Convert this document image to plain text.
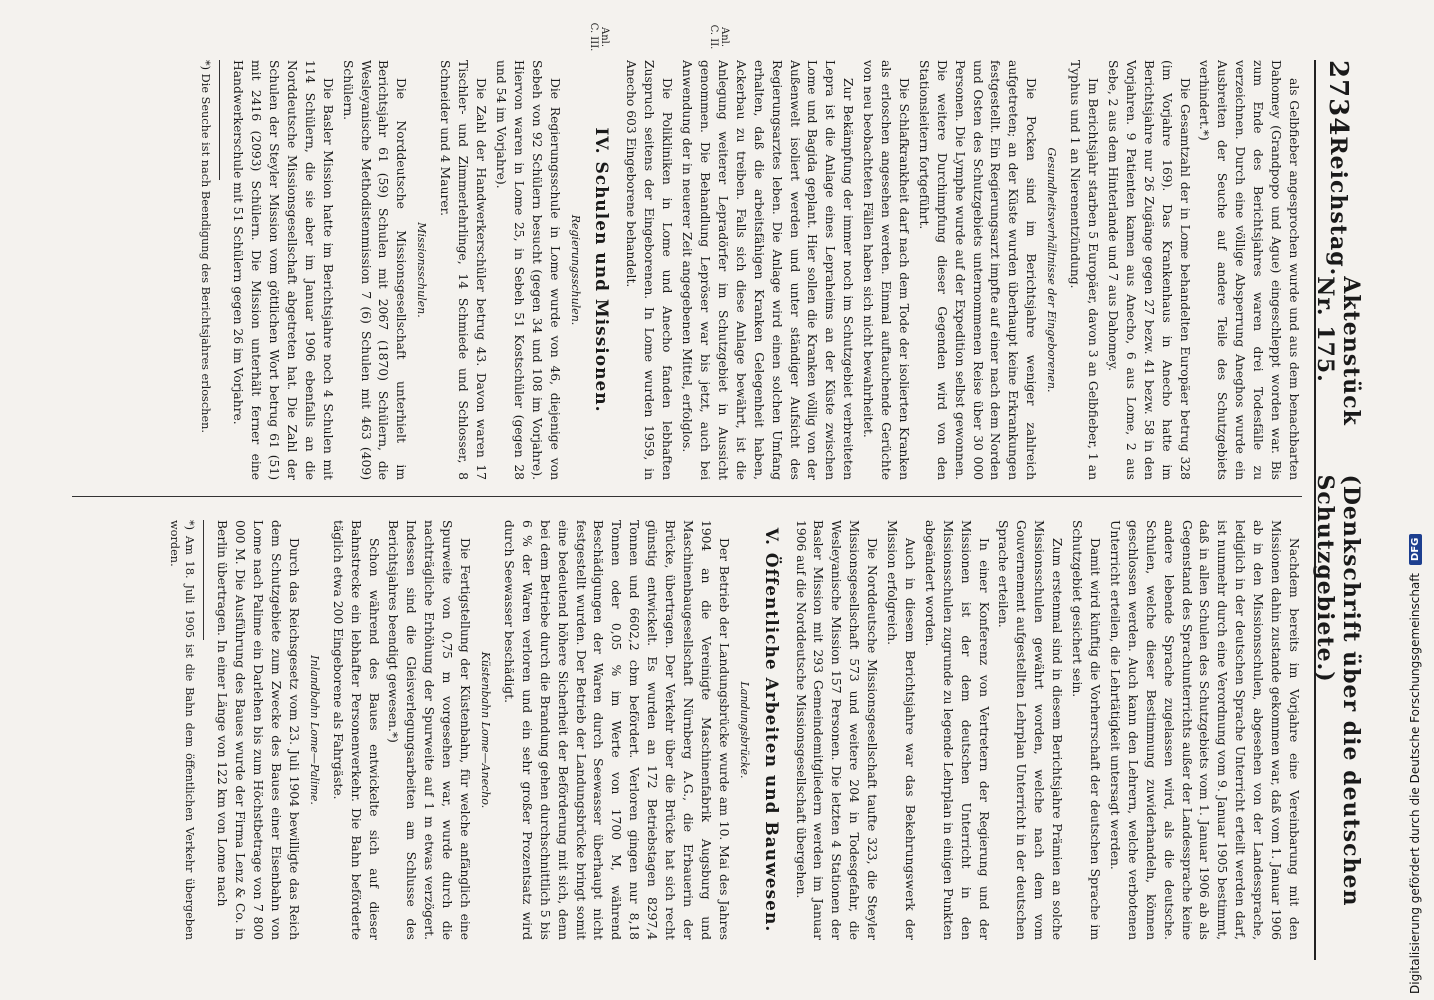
2734
Reichstag.
Aktenstück Nr. 175.
(Denkschrift über die deutschen Schutzgebiete.)
Anl. C. II.
Anl. C. III.

als Gelbfieber angesprochen wurde und aus dem benachbarten Dahomey (Grandpopo und Ague) eingeschleppt worden war. Bis zum Ende des Berichtsjahres waren drei Todesfälle zu verzeichnen. Durch eine völlige Absperrung Aneghos wurde ein Ausbreiten der Seuche auf andere Teile des Schutzgebiets verhindert.*)

Die Gesamtzahl der in Lome behandelten Europäer betrug 328 (im Vorjahre 169). Das Krankenhaus in Anecho hatte im Berichtsjahre nur 26 Zugänge gegen 27 bezw. 41 bezw. 58 in den Vorjahren. 9 Patienten kamen aus Anecho, 6 aus Lome, 2 aus Sebe, 2 aus dem Hinterlande und 7 aus Dahomey.

Im Berichtsjahr starben 5 Europäer, davon 3 an Gelbfieber, 1 an Typhus und 1 an Nierenentzündung.

Gesundheitsverhältnisse der Eingeborenen.

Die Pocken sind im Berichtsjahre weniger zahlreich aufgetreten; an der Küste wurden überhaupt keine Erkrankungen festgestellt. Ein Regierungsarzt impfte auf einer nach dem Norden und Osten des Schutzgebiets unternommenen Reise über 30 000 Personen. Die Lymphe wurde auf der Expedition selbst gewonnen. Die weitere Durchimpfung dieser Gegenden wird von den Stationsleitern fortgeführt.

Die Schlafkrankheit darf nach dem Tode der isolierten Kranken als erloschen angesehen werden. Einmal auftauchende Gerüchte von neu beobachteten Fällen haben sich nicht bewahrheitet.

Zur Bekämpfung der immer noch im Schutzgebiet verbreiteten Lepra ist die Anlage eines Lepraheims an der Küste zwischen Lome und Bagida geplant. Hier sollen die Kranken völlig von der Außenwelt isoliert werden und unter ständiger Aufsicht des Regierungsarztes leben. Die Anlage wird einen solchen Umfang erhalten, daß die arbeitsfähigen Kranken Gelegenheit haben, Ackerbau zu treiben. Falls sich diese Anlage bewährt, ist die Anlegung weiterer Lepradörfer im Schutzgebiet in Aussicht genommen. Die Behandlung Lepröser war bis jetzt, auch bei Anwendung der in neuerer Zeit angegebenen Mittel, erfolglos.

Die Polikliniken in Lome und Anecho fanden lebhaften Zuspruch seitens der Eingeborenen. In Lome wurden 1959, in Anecho 603 Eingeborene behandelt.

IV. Schulen und Missionen.

Regierungsschulen.

Die Regierungsschule in Lome wurde von 46, diejenige von Sebeh von 92 Schülern besucht (gegen 34 und 108 im Vorjahre). Hiervon waren in Lome 25, in Sebeh 51 Kostschüler (gegen 28 und 54 im Vorjahre).

Die Zahl der Handwerkerschüler betrug 43. Davon waren 17 Tischler- und Zimmerlehrlinge, 14 Schmiede und Schlosser, 8 Schneider und 4 Maurer.

Missionsschulen.

Die Norddeutsche Missionsgesellschaft unterhielt im Berichtsjahr 61 (59) Schulen mit 2067 (1870) Schülern, die Wesleyanische Methodistenmission 7 (6) Schulen mit 463 (409) Schülern.

Die Basler Mission hatte im Berichtsjahre noch 4 Schulen mit 114 Schülern, die sie aber im Januar 1906 ebenfalls an die Norddeutsche Missionsgesellschaft abgetreten hat. Die Zahl der Schulen der Steyler Mission vom göttlichen Wort betrug 61 (51) mit 2416 (2093) Schülern. Die Mission unterhält ferner eine Handwerkerschule mit 51 Schülern gegen 26 im Vorjahre.

*) Die Seuche ist nach Beendigung des Berichtsjahres erloschen.

Nachdem bereits im Vorjahre eine Vereinbarung mit den Missionen dahin zustande gekommen war, daß vom 1. Januar 1906 ab in den Missionsschulen, abgesehen von der Landessprache, lediglich in der deutschen Sprache Unterricht erteilt werden darf, ist nunmehr durch eine Verordnung vom 9. Januar 1905 bestimmt, daß in allen Schulen des Schutzgebiets vom 1. Januar 1906 ab als Gegenstand des Sprachunterrichts außer der Landessprache keine andere lebende Sprache zugelassen wird, als die deutsche. Schulen, welche dieser Bestimmung zuwiderhandeln, können geschlossen werden. Auch kann den Lehrern, welche verbotenen Unterricht erteilen, die Lehrtätigkeit untersagt werden.

Damit wird künftig die Vorherrschaft der deutschen Sprache im Schutzgebiet gesichert sein.

Zum erstenmal sind in diesem Berichtsjahre Prämien an solche Missionsschulen gewährt worden, welche nach dem vom Gouvernement aufgestellten Lehrplan Unterricht in der deutschen Sprache erteilen.

In einer Konferenz von Vertretern der Regierung und der Missionen ist der dem deutschen Unterricht in den Missionsschulen zugrunde zu legende Lehrplan in einigen Punkten abgeändert worden.

Auch in diesem Berichtsjahre war das Bekehrungswerk der Mission erfolgreich.

Die Norddeutsche Missionsgesellschaft taufte 323, die Steyler Missionsgesellschaft 573 und weitere 204 in Todesgefahr, die Wesleyanische Mission 157 Personen. Die letzten 4 Stationen der Basler Mission mit 293 Gemeindemitgliedern werden im Januar 1906 auf die Norddeutsche Missionsgesellschaft übergehen.

V. Öffentliche Arbeiten und Bauwesen.

Landungsbrücke.

Der Betrieb der Landungsbrücke wurde am 10. Mai des Jahres 1904 an die Vereinigte Maschinenfabrik Augsburg und Maschinenbaugesellschaft Nürnberg A.G., die Erbauerin der Brücke, übertragen. Der Verkehr über die Brücke hat sich recht günstig entwickelt. Es wurden an 172 Betriebstagen 8297,4 Tonnen und 6602,2 cbm befördert. Verloren gingen nur 8,18 Tonnen oder 0,05 % im Werte von 1700 M, während Beschädigungen der Waren durch Seewasser überhaupt nicht festgestellt wurden. Der Betrieb der Landungsbrücke bringt somit eine bedeutend höhere Sicherheit der Beförderung mit sich, denn bei dem Betriebe durch die Brandung gehen durchschnittlich 5 bis 6 % der Waren verloren und ein sehr großer Prozentsatz wird durch Seewasser beschädigt.

Küstenbahn Lome—Anecho.

Die Fertigstellung der Küstenbahn, für welche anfänglich eine Spurweite von 0,75 m vorgesehen war, wurde durch die nachträgliche Erhöhung der Spurweite auf 1 m etwas verzögert. Indessen sind die Gleisverlegungsarbeiten am Schlusse des Berichtsjahres beendigt gewesen.*)

Schon während des Baues entwickelte sich auf dieser Bahnstrecke ein lebhafter Personenverkehr. Die Bahn beförderte täglich etwa 200 Eingeborene als Fahrgäste.

Inlandbahn Lome—Palime.

Durch das Reichsgesetz vom 23. Juli 1904 bewilligte das Reich dem Schutzgebiete zum Zwecke des Baues einer Eisenbahn von Lome nach Palime ein Darlehen bis zum Höchstbetrage von 7 800 000 M. Die Ausführung des Baues wurde der Firma Lenz & Co. in Berlin übertragen. In einer Länge von 122 km von Lome nach

*) Am 18. Juli 1905 ist die Bahn dem öffentlichen Verkehr übergeben worden.

Digitalisierung gefördert durch die Deutsche Forschungsgemeinschaft
DFG
